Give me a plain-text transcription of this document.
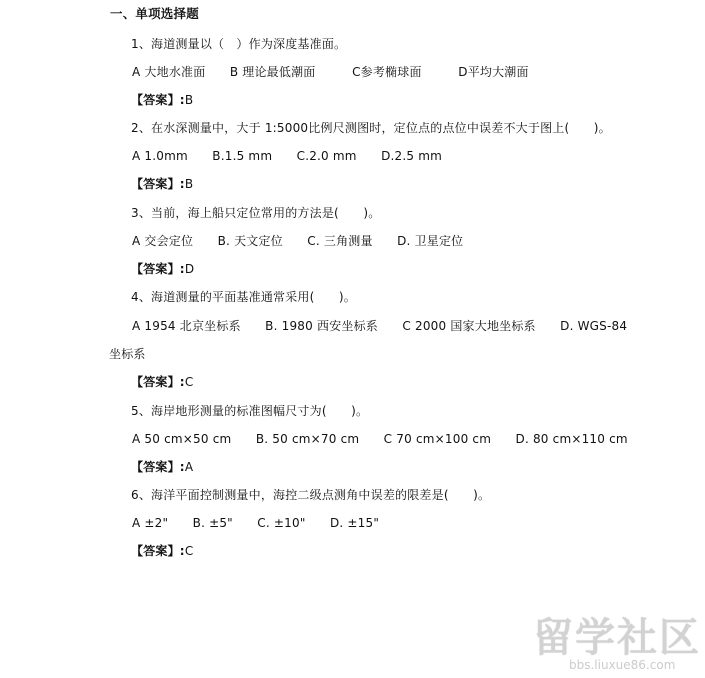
一、单项选择题
1、海道测量以（　）作为深度基准面。
A 大地水准面　　B 理论最低潮面　　　C参考椭球面　　　D平均大潮面
【答案】:B
2、在水深测量中，大于 1:5000比例尺测图时，定位点的点位中误差不大于图上(　　)。
A 1.0mm　　B.1.5 mm　　C.2.0 mm　　D.2.5 mm
【答案】:B
3、当前，海上船只定位常用的方法是(　　)。
A 交会定位　　B. 天文定位　　C. 三角测量　　D. 卫星定位
【答案】:D
4、海道测量的平面基准通常采用(　　)。
A 1954 北京坐标系　　B. 1980 西安坐标系　　C 2000 国家大地坐标系　　D. WGS-84
坐标系
【答案】:C
5、海岸地形测量的标准图幅尺寸为(　　)。
A 50 cm×50 cm　　B. 50 cm×70 cm　　C 70 cm×100 cm　　D. 80 cm×110 cm
【答案】:A
6、海洋平面控制测量中，海控二级点测角中误差的限差是(　　)。
A ±2"　　B. ±5"　　C. ±10"　　D. ±15"
【答案】:C
留学社区
bbs.liuxue86.com
